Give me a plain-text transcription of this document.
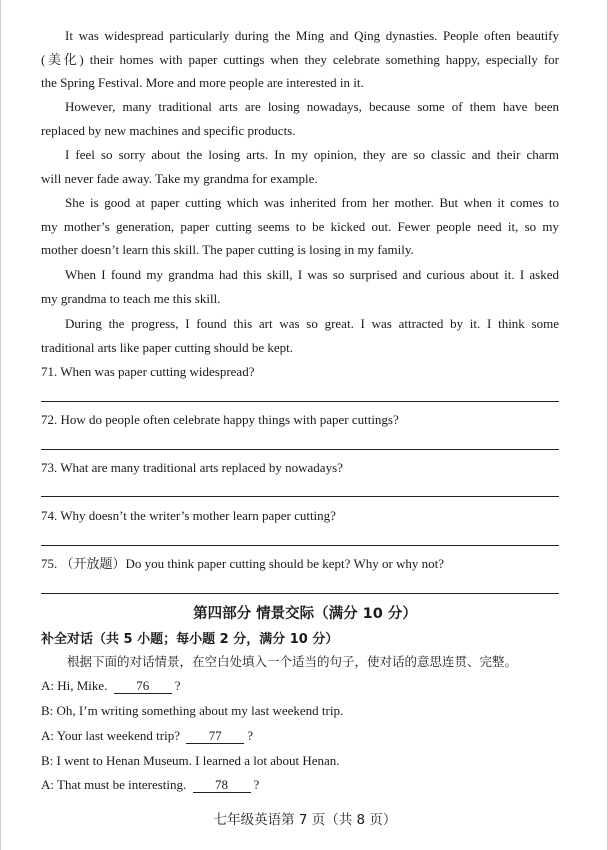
It was widespread particularly during the Ming and Qing dynasties. People often beautify
(美化) their homes with paper cuttings when they celebrate something happy, especially for
the Spring Festival. More and more people are interested in it.
However, many traditional arts are losing nowadays, because some of them have been
replaced by new machines and specific products.
I feel so sorry about the losing arts. In my opinion, they are so classic and their charm
will never fade away. Take my grandma for example.
She is good at paper cutting which was inherited from her mother. But when it comes to
my mother’s generation, paper cutting seems to be kicked out. Fewer people need it, so my
mother doesn’t learn this skill. The paper cutting is losing in my family.
When I found my grandma had this skill, I was so surprised and curious about it. I asked
my grandma to teach me this skill.
During the progress, I found this art was so great. I was attracted by it. I think some
traditional arts like paper cutting should be kept.

71. When was paper cutting widespread?

72. How do people often celebrate happy things with paper cuttings?

73. What are many traditional arts replaced by nowadays?

74. Why doesn’t the writer’s mother learn paper cutting?

75. （开放题）Do you think paper cutting should be kept? Why or why not?

第四部分 情景交际（满分 10 分）
补全对话（共 5 小题；每小题 2 分，满分 10 分）
根据下面的对话情景，在空白处填入一个适当的句子，使对话的意思连贯、完整。

A: Hi, Mike. 76 ?

B: Oh, I’m writing something about my last weekend trip.

A: Your last weekend trip? 77 ?

B: I went to Henan Museum. I learned a lot about Henan.

A: That must be interesting. 78 ?

七年级英语第 7 页（共 8 页）
